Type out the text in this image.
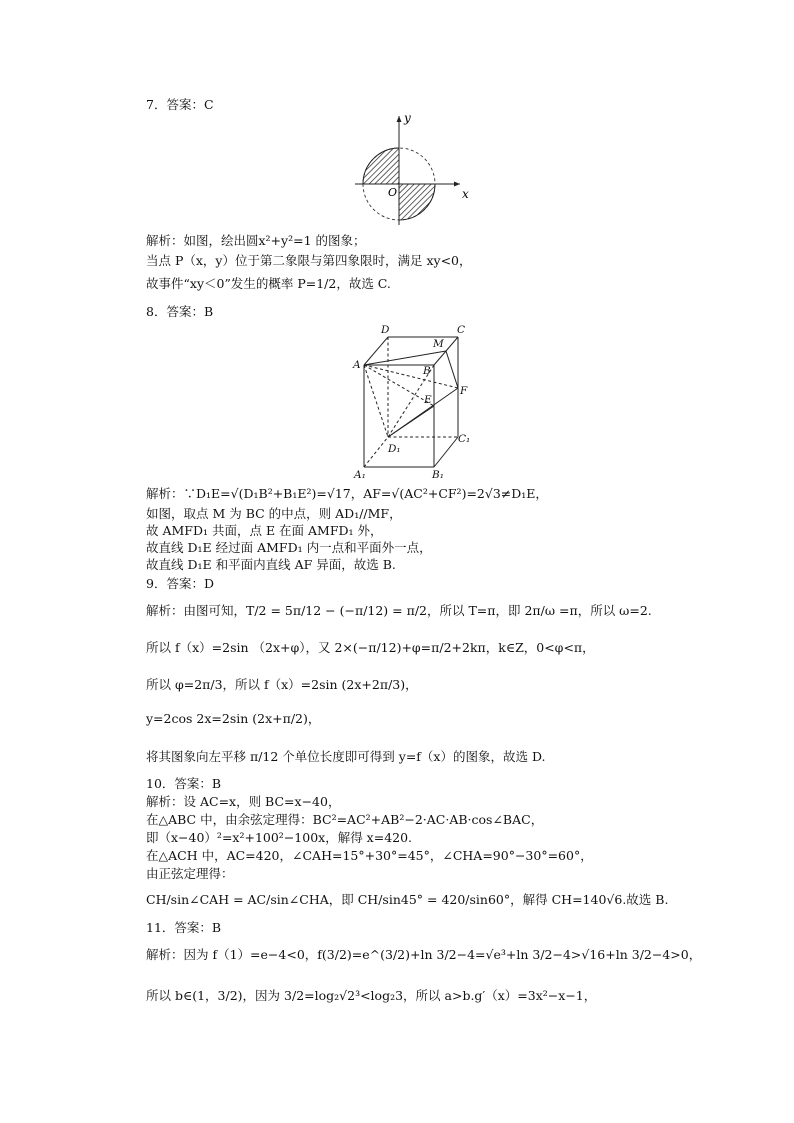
7．答案：C
x
y
O
解析：如图，绘出圆x²+y²=1 的图象；
当点 P（x，y）位于第二象限与第四象限时，满足 xy<0，
故事件“xy＜0”发生的概率 P=1/2，故选 C.
8．答案：B
D	C
A
M
B
F
E
D₁
C₁
A₁	B₁
解析：∵D₁E=√(D₁B²+B₁E²)=√17，AF=√(AC²+CF²)=2√3≠D₁E，
如图，取点 M 为 BC 的中点，则 AD₁//MF，
故 AMFD₁ 共面，点 E 在面 AMFD₁ 外，
故直线 D₁E 经过面 AMFD₁ 内一点和平面外一点，
故直线 D₁E 和平面内直线 AF 异面，故选 B.
9．答案：D
解析：由图可知，T/2 = 5π/12 − (−π/12) = π/2，所以 T=π，即 2π/ω =π，所以 ω=2.
所以 f（x）=2sin （2x+φ），又 2×(−π/12)+φ=π/2+2kπ，k∈Z，0<φ<π，
所以 φ=2π/3，所以 f（x）=2sin (2x+2π/3)，
y=2cos 2x=2sin (2x+π/2)，
将其图象向左平移 π/12 个单位长度即可得到 y=f（x）的图象，故选 D.
10．答案：B
解析：设 AC=x，则 BC=x−40，
在△ABC 中，由余弦定理得：BC²=AC²+AB²−2·AC·AB·cos∠BAC，
即（x−40）²=x²+100²−100x，解得 x=420.
在△ACH 中，AC=420，∠CAH=15°+30°=45°，∠CHA=90°−30°=60°，
由正弦定理得：
CH/sin∠CAH = AC/sin∠CHA，即 CH/sin45° = 420/sin60°，解得 CH=140√6.故选 B.
11．答案：B
解析：因为 f（1）=e−4<0，f(3/2)=e^(3/2)+ln 3/2−4=√e³+ln 3/2−4>√16+ln 3/2−4>0，
所以 b∈(1，3/2)，因为 3/2=log₂√2³<log₂3，所以 a>b.g′（x）=3x²−x−1，
